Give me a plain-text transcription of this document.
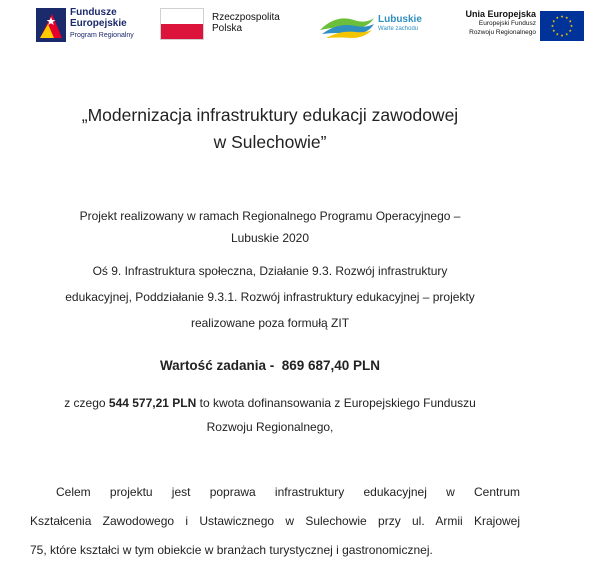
Fundusze
Europejskie
Program Regionalny
Rzeczpospolita
Polska
Lubuskie
Warte zachodu
Unia Europejska
Europejski Fundusz
Rozwoju Regionalnego
„Modernizacja infrastruktury edukacji zawodowej
w Sulechowie”
Projekt realizowany w ramach Regionalnego Programu Operacyjnego –
Lubuskie 2020
Oś 9. Infrastruktura społeczna, Działanie 9.3. Rozwój infrastruktury
edukacyjnej, Poddziałanie 9.3.1. Rozwój infrastruktury edukacyjnej – projekty
realizowane poza formułą ZIT
Wartość zadania - 869 687,40 PLN
z czego 544 577,21 PLN to kwota dofinansowania z Europejskiego Funduszu
Rozwoju Regionalnego,
Celem projektu jest poprawa infrastruktury edukacyjnej w Centrum
Kształcenia Zawodowego i Ustawicznego w Sulechowie przy ul. Armii Krajowej
75, które kształci w tym obiekcie w branżach turystycznej i gastronomicznej.
